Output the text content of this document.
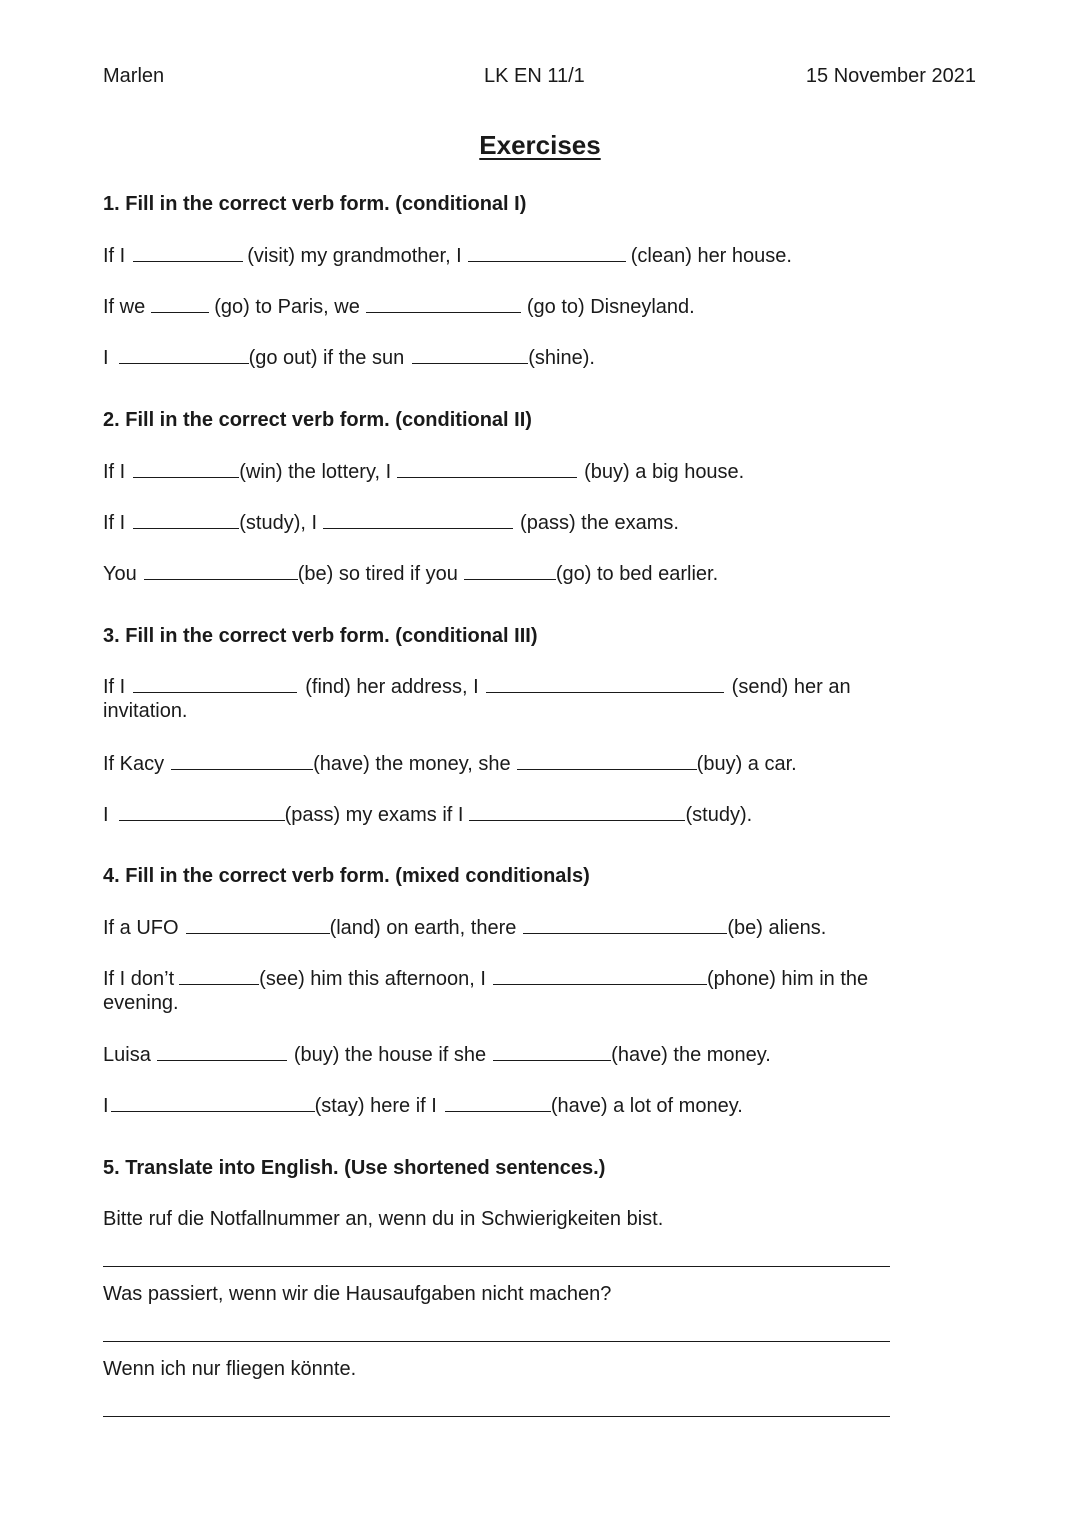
Marlen	LK EN 11/1	15 November 2021
Exercises
1. Fill in the correct verb form. (conditional I)
If I	(visit) my grandmother, I	(clean) her house.
If we	(go) to Paris, we	(go to) Disneyland.
I	(go out) if the sun	(shine).
2. Fill in the correct verb form. (conditional II)
If I	(win) the lottery, I	(buy) a big house.
If I	(study), I	(pass) the exams.
You	(be) so tired if you	(go) to bed earlier.
3. Fill in the correct verb form. (conditional III)
If I	(find) her address, I	(send) her an
invitation.
If Kacy	(have) the money, she	(buy) a car.
I	(pass) my exams if I	(study).
4. Fill in the correct verb form. (mixed conditionals)
If a UFO	(land) on earth, there	(be) aliens.
If I don’t	(see) him this afternoon, I	(phone) him in the
evening.
Luisa	(buy) the house if she	(have) the money.
I	(stay) here if I	(have) a lot of money.
5. Translate into English. (Use shortened sentences.)
Bitte ruf die Notfallnummer an, wenn du in Schwierigkeiten bist.
Was passiert, wenn wir die Hausaufgaben nicht machen?
Wenn ich nur fliegen könnte.
